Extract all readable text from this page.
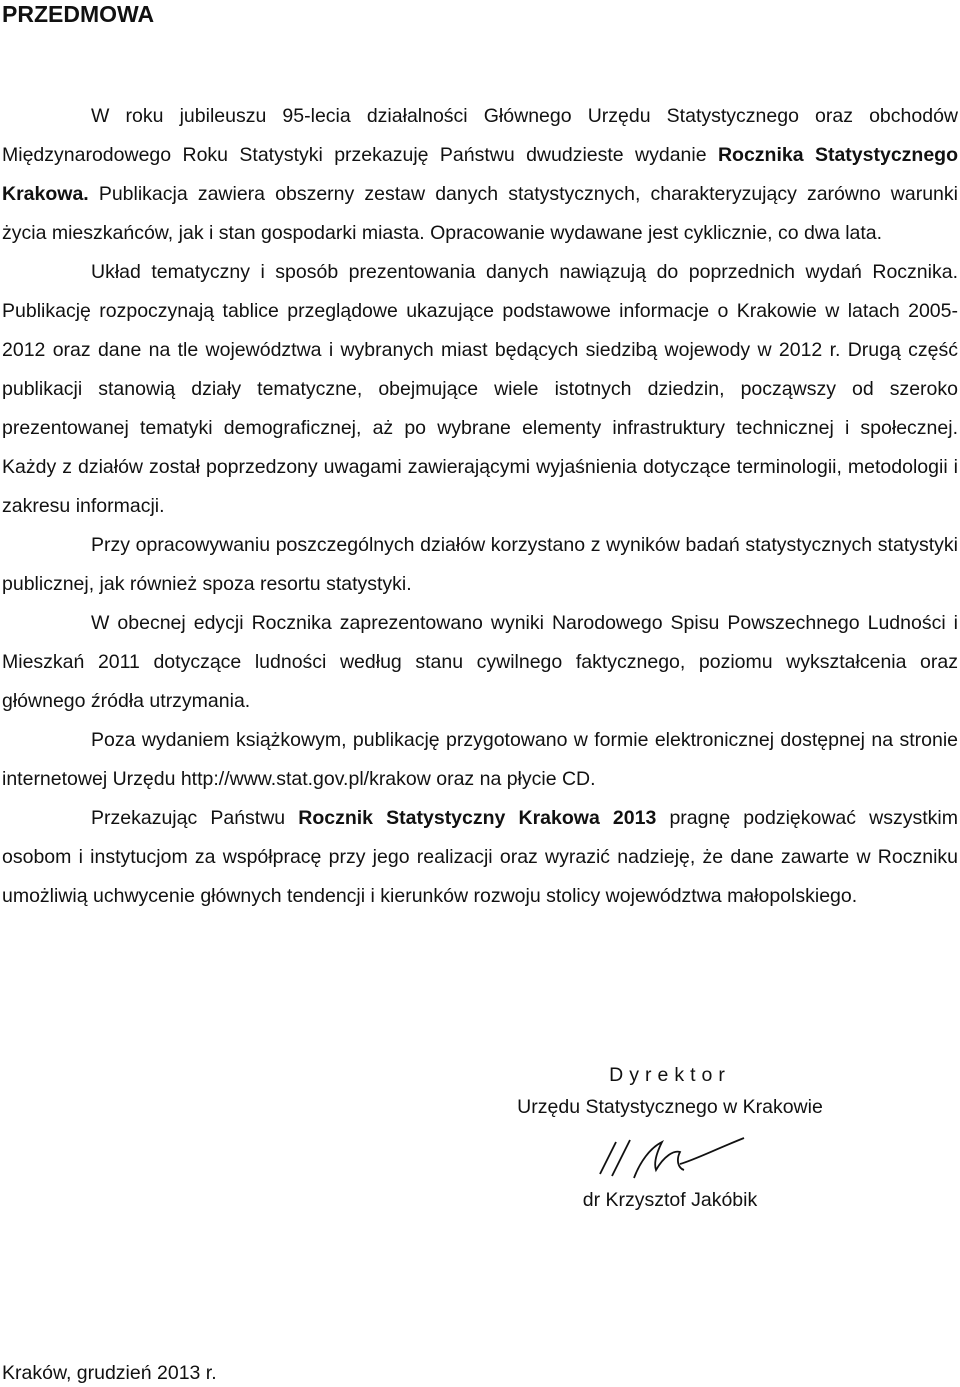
PRZEDMOWA

W roku jubileuszu 95-lecia działalności Głównego Urzędu Statystycznego oraz obchodów Międzynarodowego Roku Statystyki przekazuję Państwu dwudzieste wydanie Rocznika Statystycznego Krakowa. Publikacja zawiera obszerny zestaw danych statystycznych, charakteryzujący zarówno warunki życia mieszkańców, jak i stan gospodarki miasta. Opracowanie wydawane jest cyklicznie, co dwa lata.

Układ tematyczny i sposób prezentowania danych nawiązują do poprzednich wydań Rocznika. Publikację rozpoczynają tablice przeglądowe ukazujące podstawowe informacje o Krakowie w latach 2005-2012 oraz dane na tle województwa i wybranych miast będących siedzibą wojewody w 2012 r. Drugą część publikacji stanowią działy tematyczne, obejmujące wiele istotnych dziedzin, począwszy od szeroko prezentowanej tematyki demograficznej, aż po wybrane elementy infrastruktury technicznej i społecznej. Każdy z działów został poprzedzony uwagami zawierającymi wyjaśnienia dotyczące terminologii, metodologii i zakresu informacji.

Przy opracowywaniu poszczególnych działów korzystano z wyników badań statystycznych statystyki publicznej, jak również spoza resortu statystyki.

W obecnej edycji Rocznika zaprezentowano wyniki Narodowego Spisu Powszechnego Ludności i Mieszkań 2011 dotyczące ludności według stanu cywilnego faktycznego, poziomu wykształcenia oraz głównego źródła utrzymania.

Poza wydaniem książkowym, publikację przygotowano w formie elektronicznej dostępnej na stronie internetowej Urzędu http://www.stat.gov.pl/krakow oraz na płycie CD.

Przekazując Państwu Rocznik Statystyczny Krakowa 2013 pragnę podziękować wszystkim osobom i instytucjom za współpracę przy jego realizacji oraz wyrazić nadzieję, że dane zawarte w Roczniku umożliwią uchwycenie głównych tendencji i kierunków rozwoju stolicy województwa małopolskiego.

Dyrektor
Urzędu Statystycznego w Krakowie
dr Krzysztof Jakóbik
Kraków, grudzień 2013 r.
